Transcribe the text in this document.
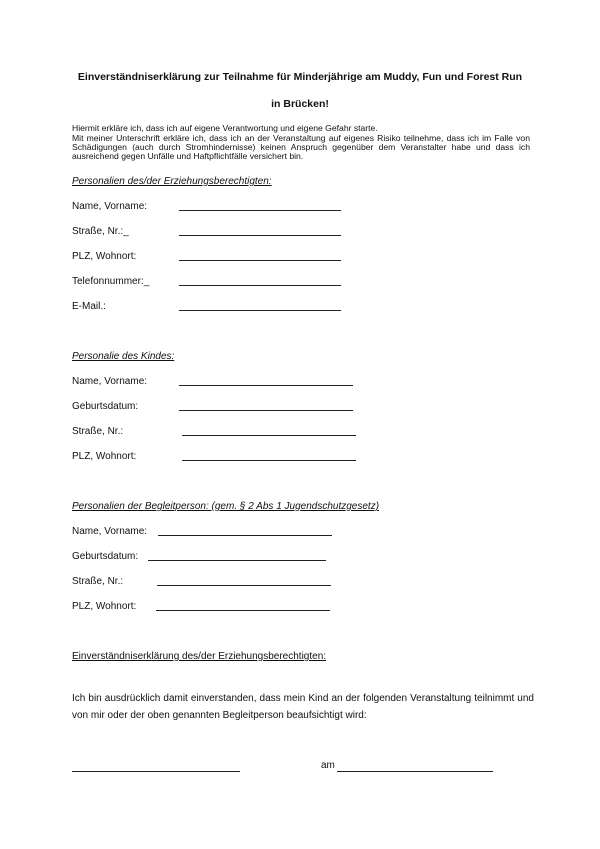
Einverständniserklärung zur Teilnahme für Minderjährige am Muddy, Fun und Forest Run
in Brücken!
Hiermit erkläre ich, dass ich auf eigene Verantwortung und eigene Gefahr starte.
Mit meiner Unterschrift erkläre ich, dass ich an der Veranstaltung auf eigenes Risiko teilnehme, dass ich im Falle von Schädigungen (auch durch Stromhindernisse) keinen Anspruch gegenüber dem Veranstalter habe und dass ich ausreichend gegen Unfälle und Haftpflichtfälle versichert bin.
Personalien des/der Erziehungsberechtigten:
Name, Vorname:
Straße, Nr.:_
PLZ, Wohnort:
Telefonnummer:_
E-Mail.:
Personalie des Kindes:
Name, Vorname:
Geburtsdatum:
Straße, Nr.:
PLZ, Wohnort:
Personalien der Begleitperson: (gem. § 2 Abs 1 Jugendschutzgesetz)
Name, Vorname:
Geburtsdatum:
Straße, Nr.:
PLZ, Wohnort:
Einverständniserklärung des/der Erziehungsberechtigten:
Ich bin ausdrücklich damit einverstanden, dass mein Kind an der folgenden Veranstaltung teilnimmt und von mir oder der oben genannten Begleitperson beaufsichtigt wird:
am
